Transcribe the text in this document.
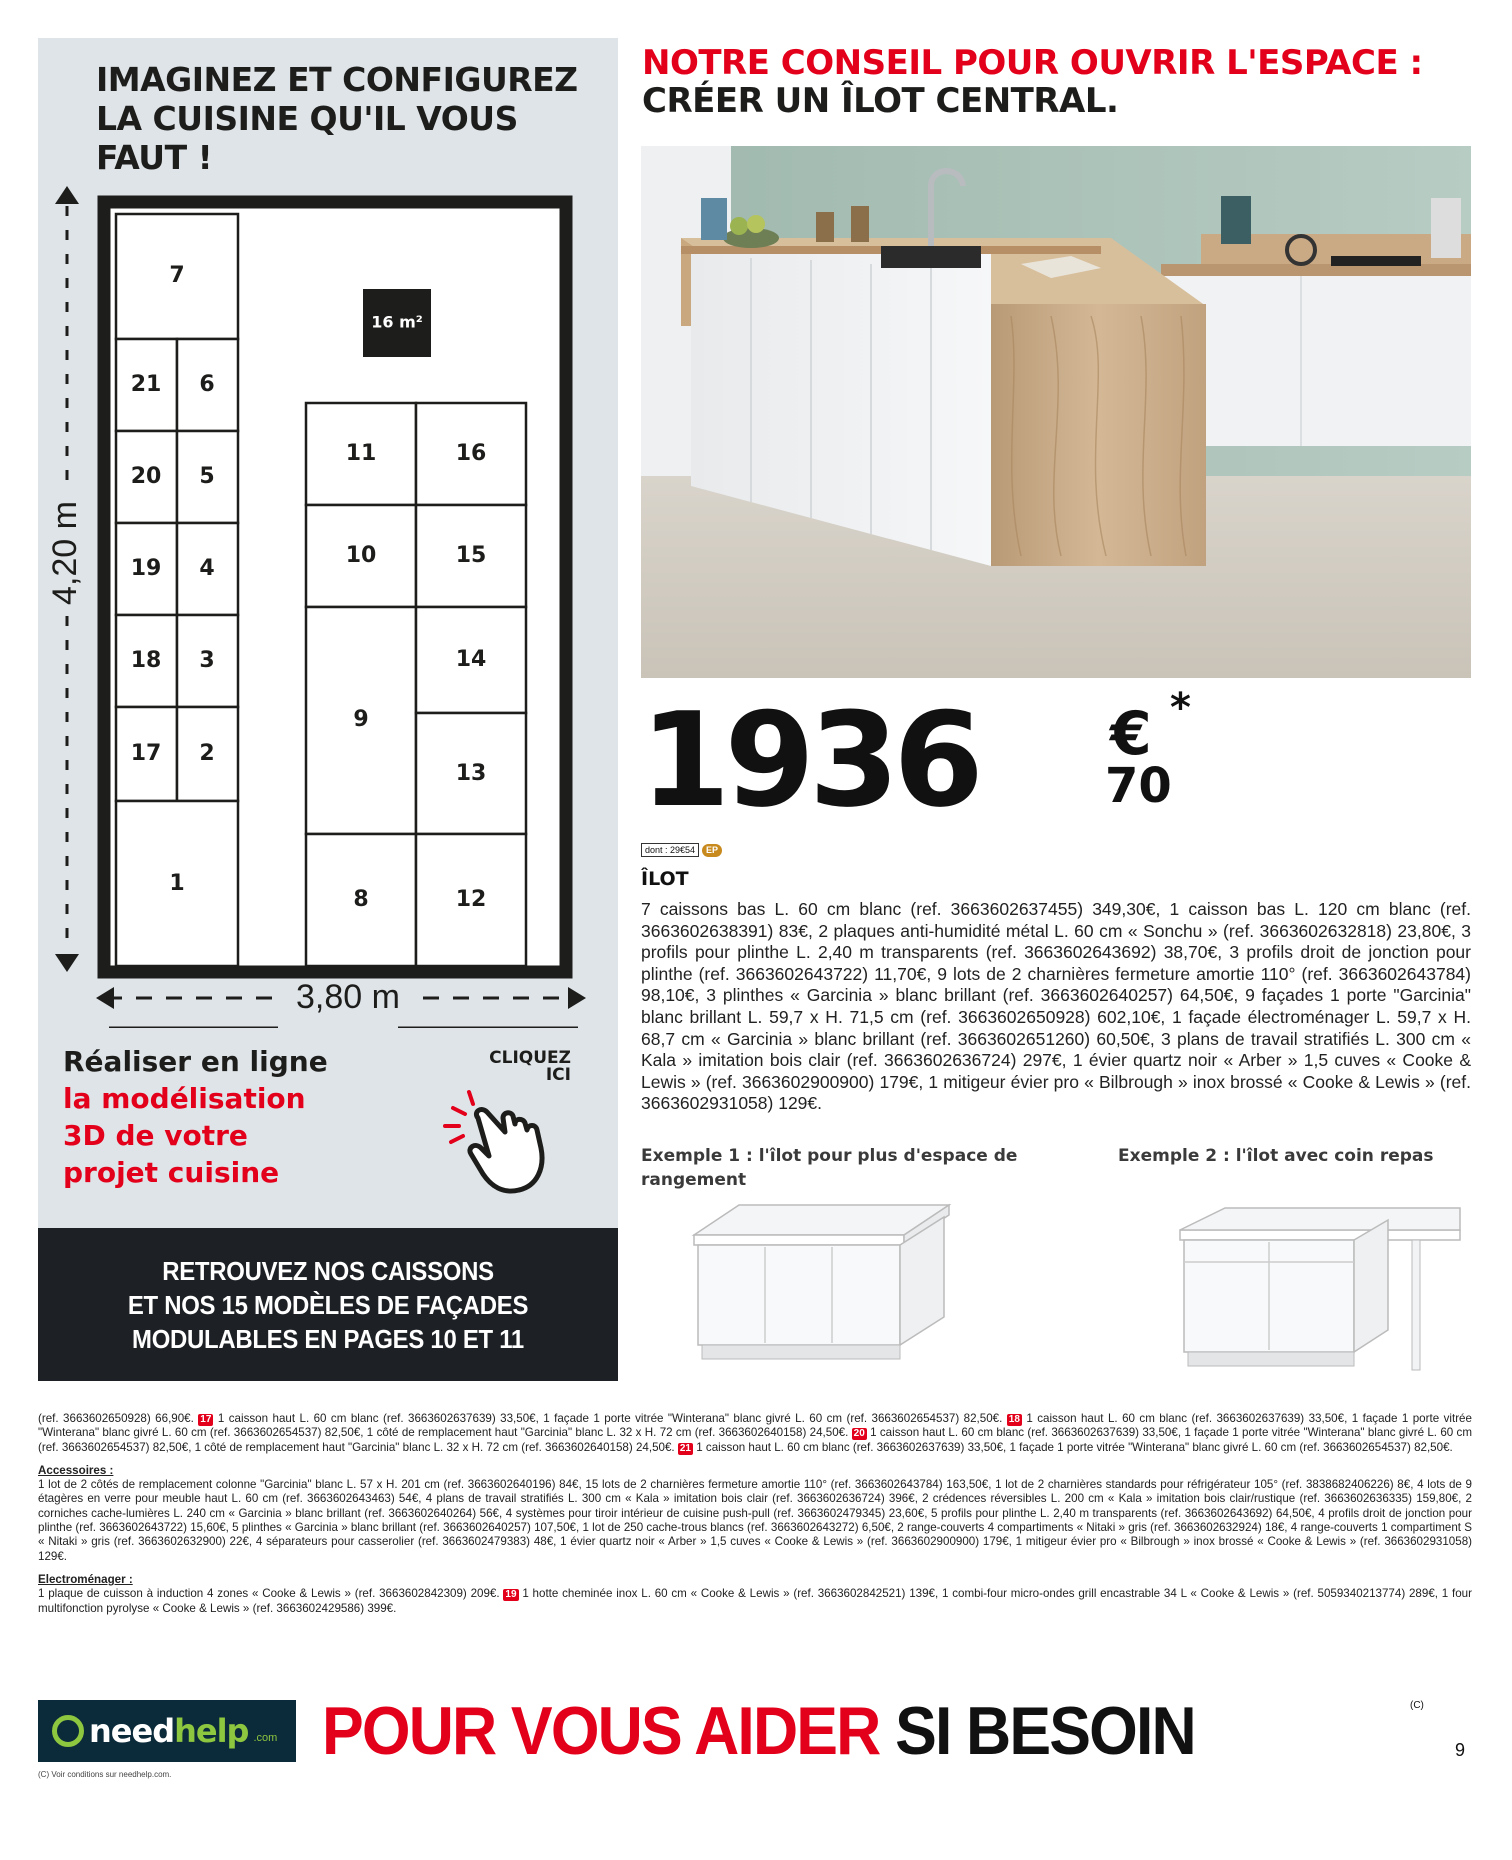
IMAGINEZ ET CONFIGUREZ
LA CUISINE QU'IL VOUS FAUT !
16 m²
7
21 6
20 5
19 4
18 3
17 2
1
11	16
10	15
9
14
13
8	12
4,20 m
3,80 m
Réaliser en ligne
la modélisation
3D de votre
projet cuisine
CLIQUEZ
ICI
RETROUVEZ NOS CAISSONS
ET NOS 15 MODÈLES DE FAÇADES
MODULABLES EN PAGES 10 ET 11
NOTRE CONSEIL POUR OUVRIR L'ESPACE :
CRÉER UN ÎLOT CENTRAL.
1936 €
70
*
dont : 29€54	EP
ÎLOT
7 caissons bas L. 60 cm blanc (ref. 3663602637455) 349,30€, 1 caisson bas L. 120 cm blanc (ref. 3663602638391) 83€, 2 plaques anti-humidité métal L. 60 cm « Sonchu » (ref. 3663602632818) 23,80€, 3 profils pour plinthe L. 2,40 m transparents (ref. 3663602643692) 38,70€, 3 profils droit de jonction pour plinthe (ref. 3663602643722) 11,70€, 9 lots de 2 charnières fermeture amortie 110° (ref. 3663602643784) 98,10€, 3 plinthes « Garcinia » blanc brillant (ref. 3663602640257) 64,50€, 9 façades 1 porte "Garcinia" blanc brillant L. 59,7 x H. 71,5 cm (ref. 3663602650928) 602,10€, 1 façade électroménager L. 59,7 x H. 68,7 cm « Garcinia » blanc brillant (ref. 3663602651260) 60,50€, 3 plans de travail stratifiés L. 300 cm « Kala » imitation bois clair (ref. 3663602636724) 297€, 1 évier quartz noir « Arber » 1,5 cuves « Cooke & Lewis » (ref. 3663602900900) 179€, 1 mitigeur évier pro « Bilbrough » inox brossé « Cooke & Lewis » (ref. 3663602931058) 129€.
Exemple 1 : l'îlot pour plus d'espace de rangement
Exemple 2 : l'îlot avec coin repas
(ref. 3663602650928) 66,90€. 17 1 caisson haut L. 60 cm blanc (ref. 3663602637639) 33,50€, 1 façade 1 porte vitrée "Winterana" blanc givré L. 60 cm (ref. 3663602654537) 82,50€. 18 1 caisson haut L. 60 cm blanc (ref. 3663602637639) 33,50€, 1 façade 1 porte vitrée "Winterana" blanc givré L. 60 cm (ref. 3663602654537) 82,50€, 1 côté de remplacement haut "Garcinia" blanc L. 32 x H. 72 cm (ref. 3663602640158) 24,50€. 20 1 caisson haut L. 60 cm blanc (ref. 3663602637639) 33,50€, 1 façade 1 porte vitrée "Winterana" blanc givré L. 60 cm (ref. 3663602654537) 82,50€, 1 côté de remplacement haut "Garcinia" blanc L. 32 x H. 72 cm (ref. 3663602640158) 24,50€. 21 1 caisson haut L. 60 cm blanc (ref. 3663602637639) 33,50€, 1 façade 1 porte vitrée "Winterana" blanc givré L. 60 cm (ref. 3663602654537) 82,50€.
Accessoires :
1 lot de 2 côtés de remplacement colonne "Garcinia" blanc L. 57 x H. 201 cm (ref. 3663602640196) 84€, 15 lots de 2 charnières fermeture amortie 110° (ref. 3663602643784) 163,50€, 1 lot de 2 charnières standards pour réfrigérateur 105° (ref. 3838682406226) 8€, 4 lots de 9 étagères en verre pour meuble haut L. 60 cm (ref. 3663602643463) 54€, 4 plans de travail stratifiés L. 300 cm « Kala » imitation bois clair (ref. 3663602636724) 396€, 2 crédences réversibles L. 200 cm « Kala » imitation bois clair/rustique (ref. 3663602636335) 159,80€, 2 corniches cache-lumières L. 240 cm « Garcinia » blanc brillant (ref. 3663602640264) 56€, 4 systèmes pour tiroir intérieur de cuisine push-pull (ref. 3663602479345) 23,60€, 5 profils pour plinthe L. 2,40 m transparents (ref. 3663602643692) 64,50€, 4 profils droit de jonction pour plinthe (ref. 3663602643722) 15,60€, 5 plinthes « Garcinia » blanc brillant (ref. 3663602640257) 107,50€, 1 lot de 250 cache-trous blancs (ref. 3663602643272) 6,50€, 2 range-couverts 4 compartiments « Nitaki » gris (ref. 3663602632924) 18€, 4 range-couverts 1 compartiment S « Nitaki » gris (ref. 3663602632900) 22€, 4 séparateurs pour casserolier (ref. 3663602479383) 48€, 1 évier quartz noir « Arber » 1,5 cuves « Cooke & Lewis » (ref. 3663602900900) 179€, 1 mitigeur évier pro « Bilbrough » inox brossé « Cooke & Lewis » (ref. 3663602931058) 129€.
Electroménager :
1 plaque de cuisson à induction 4 zones « Cooke & Lewis » (ref. 3663602842309) 209€. 19 1 hotte cheminée inox L. 60 cm « Cooke & Lewis » (ref. 3663602842521) 139€, 1 combi-four micro-ondes grill encastrable 34 L « Cooke & Lewis » (ref. 5059340213774) 289€, 1 four multifonction pyrolyse « Cooke & Lewis » (ref. 3663602429586) 399€.
needhelp .com
(C) Voir conditions sur needhelp.com.
POUR VOUS AIDER SI BESOIN	(C)
9
